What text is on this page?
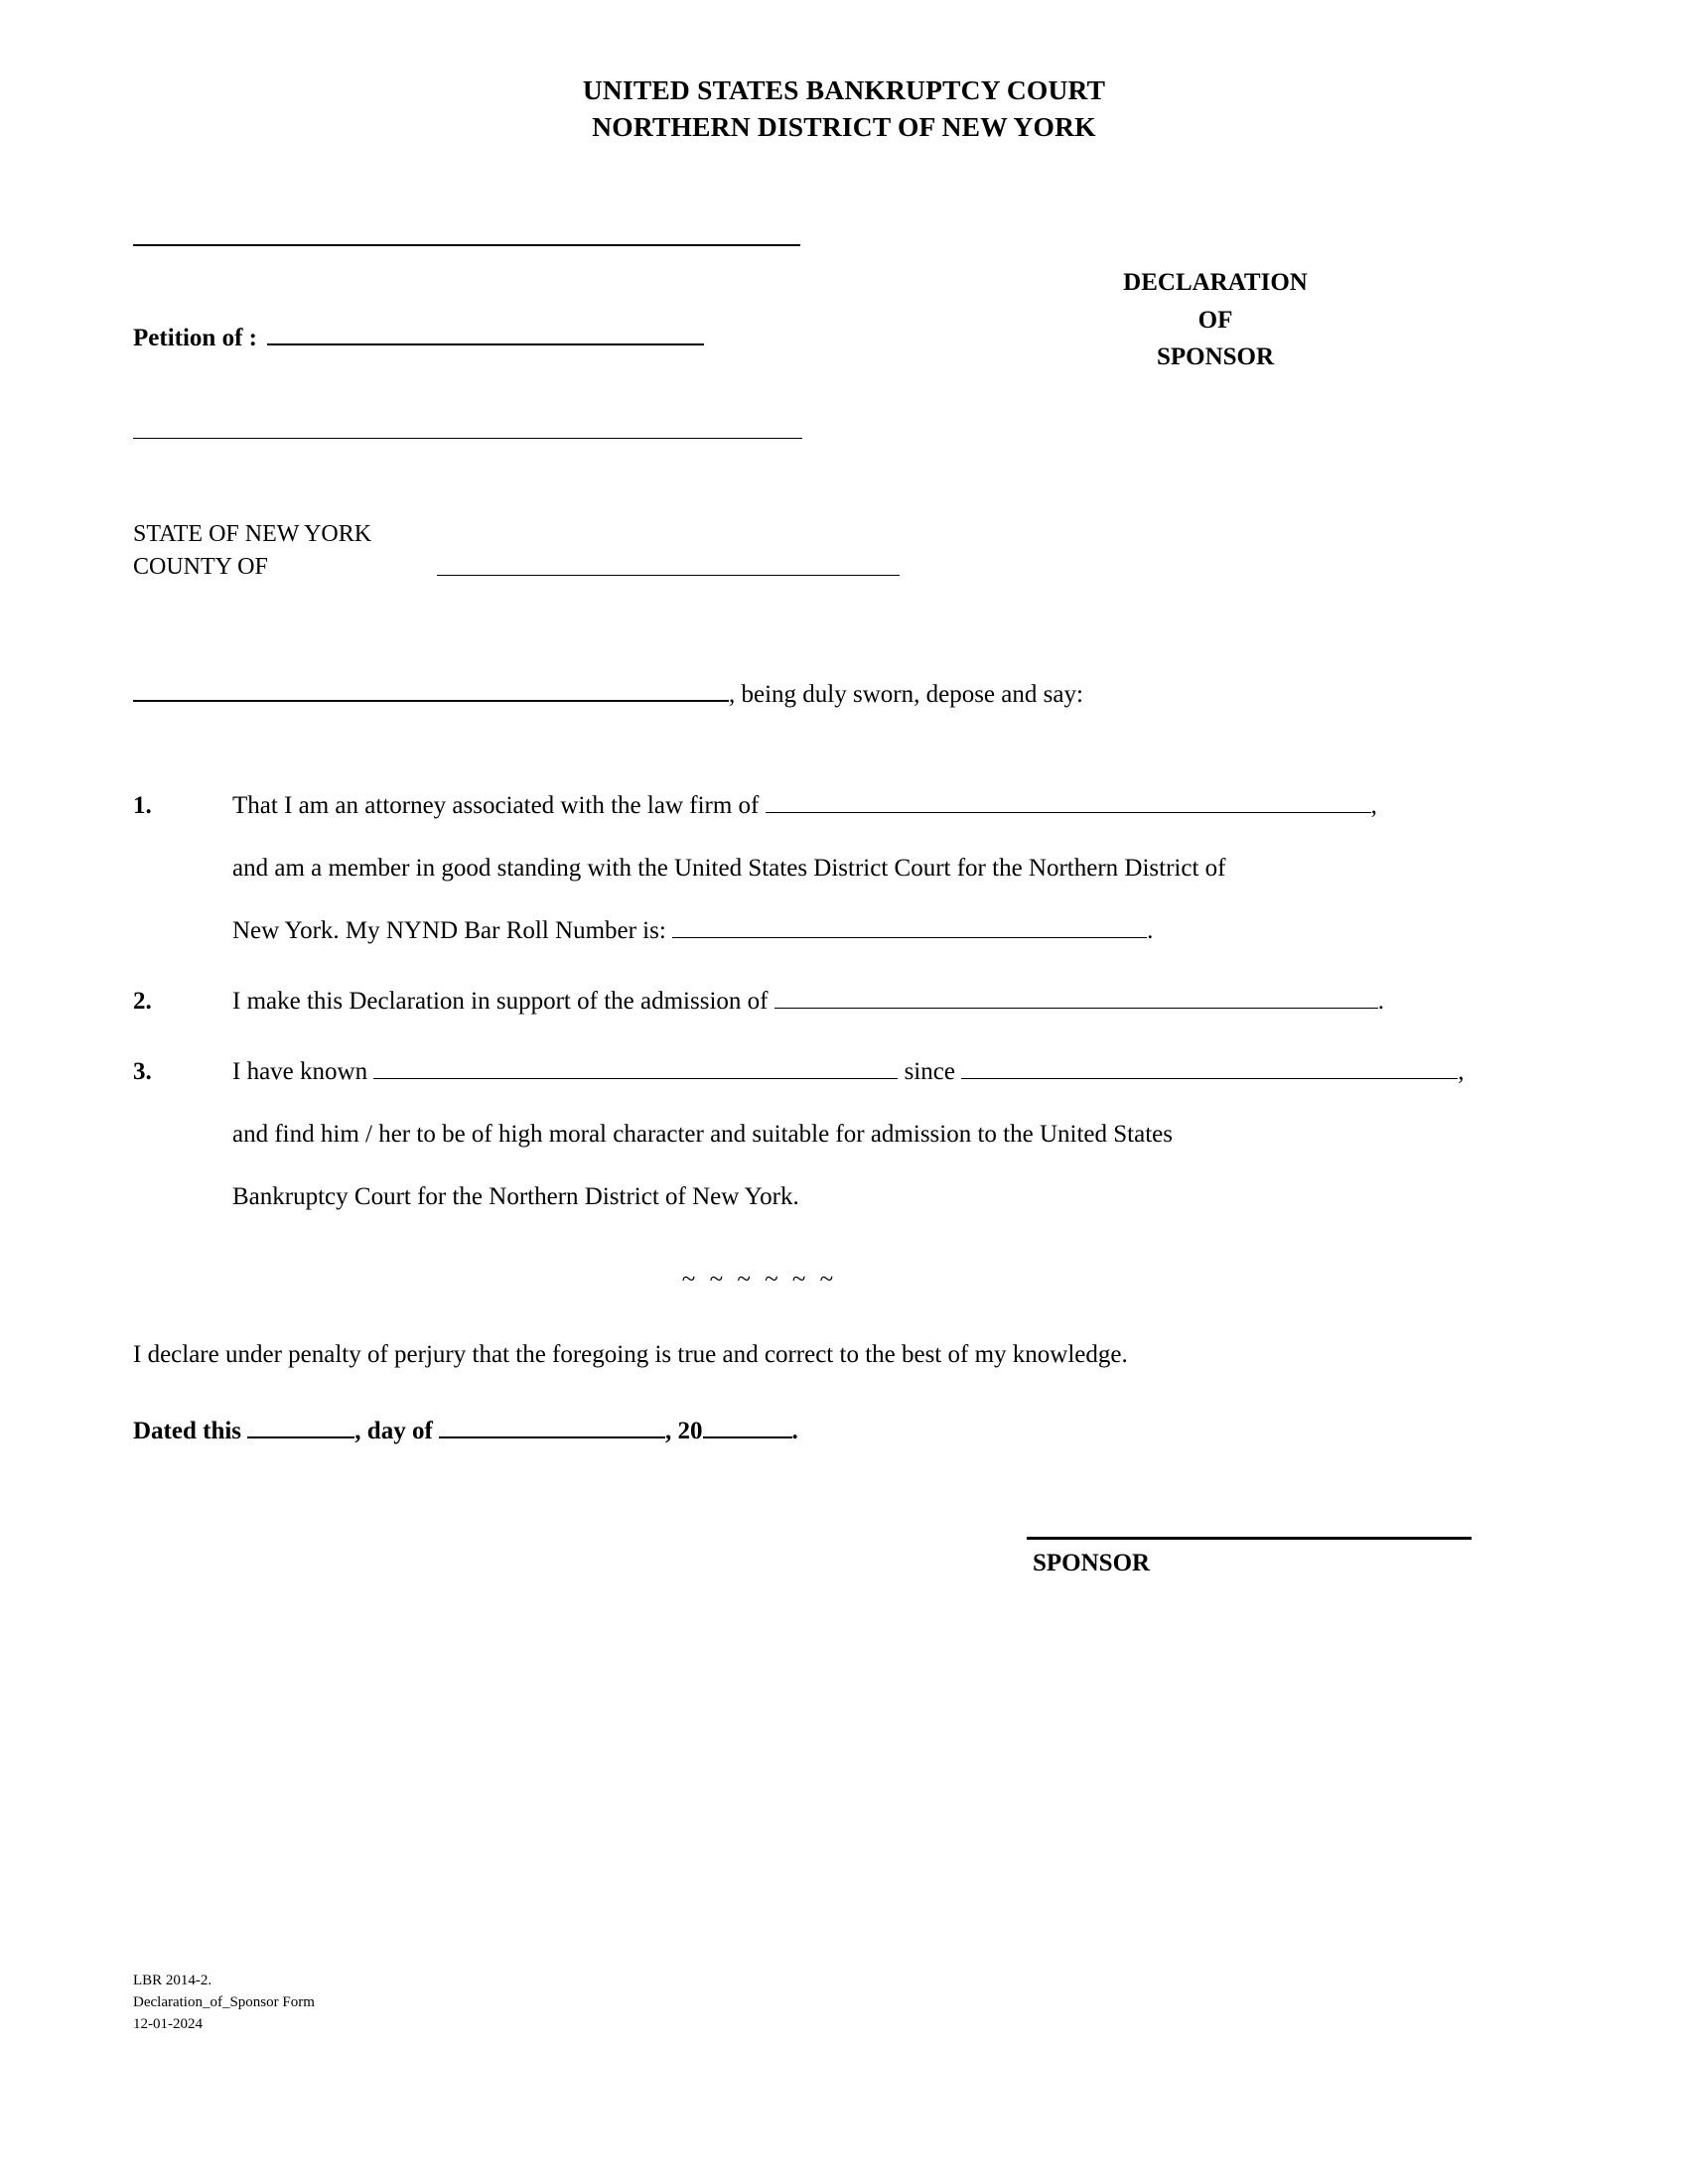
UNITED STATES BANKRUPTCY COURT
NORTHERN DISTRICT OF NEW YORK
Petition of :
DECLARATION
OF
SPONSOR
STATE OF NEW YORK
COUNTY OF
, being duly sworn, depose and say:
1.	That I am an attorney associated with the law firm of	,
and am a member in good standing with the United States District Court for the Northern District of
New York. My NYND Bar Roll Number is:	.
2.	I make this Declaration in support of the admission of	.
3.	I have known	since	,
and find him / her to be of high moral character and suitable for admission to the United States
Bankruptcy Court for the Northern District of New York.
~ ~ ~ ~ ~ ~
I declare under penalty of perjury that the foregoing is true and correct to the best of my knowledge.
Dated this	, day of	, 20	.
SPONSOR
LBR 2014-2.
Declaration_of_Sponsor Form
12-01-2024
